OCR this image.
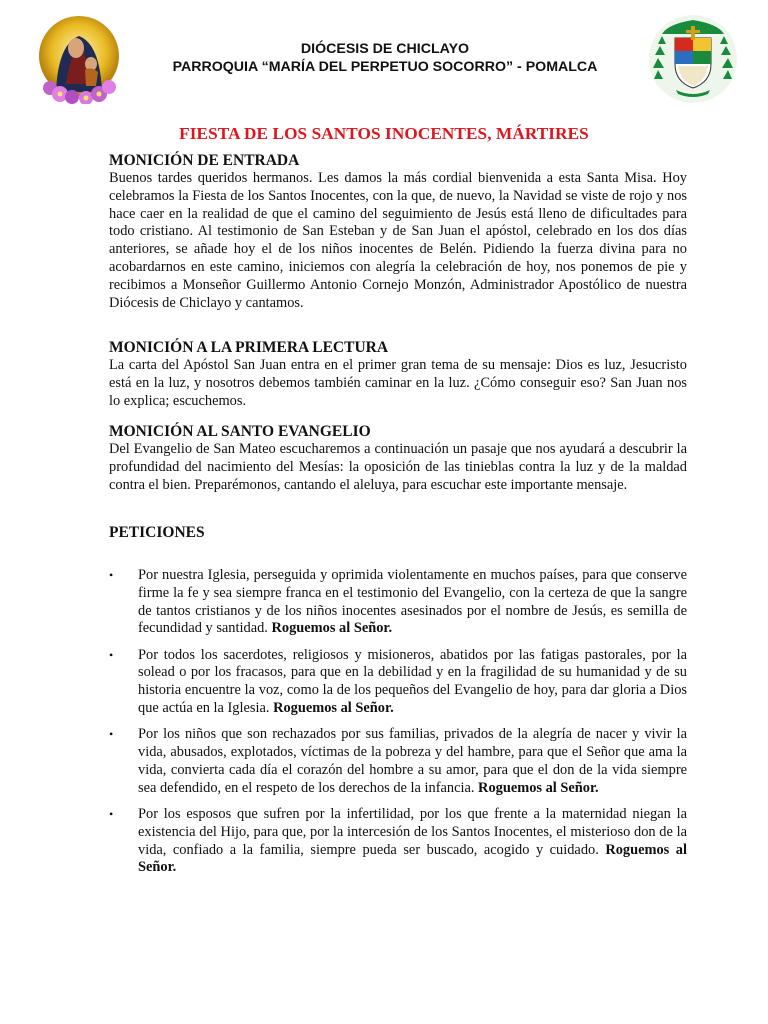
DIÓCESIS DE CHICLAYO
PARROQUIA “MARÍA DEL PERPETUO SOCORRO” - POMALCA
FIESTA DE LOS SANTOS INOCENTES, MÁRTIRES
MONICIÓN DE ENTRADA

Buenos tardes queridos hermanos. Les damos la más cordial bienvenida a esta Santa Misa. Hoy celebramos la Fiesta de los Santos Inocentes, con la que, de nuevo, la Navidad se viste de rojo y nos hace caer en la realidad de que el camino del seguimiento de Jesús está lleno de dificultades para todo cristiano. Al testimonio de San Esteban y de San Juan el apóstol, celebrado en los dos días anteriores, se añade hoy el de los niños inocentes de Belén. Pidiendo la fuerza divina para no acobardarnos en este camino, iniciemos con alegría la celebración de hoy, nos ponemos de pie y recibimos a Monseñor Guillermo Antonio Cornejo Monzón, Administrador Apostólico de nuestra Diócesis de Chiclayo y cantamos.

MONICIÓN A LA PRIMERA LECTURA

La carta del Apóstol San Juan entra en el primer gran tema de su mensaje: Dios es luz, Jesucristo está en la luz, y nosotros debemos también caminar en la luz. ¿Cómo conseguir eso? San Juan nos lo explica; escuchemos.

MONICIÓN AL SANTO EVANGELIO

Del Evangelio de San Mateo escucharemos a continuación un pasaje que nos ayudará a descubrir la profundidad del nacimiento del Mesías: la oposición de las tinieblas contra la luz y de la maldad contra el bien. Preparémonos, cantando el aleluya, para escuchar este importante mensaje.

PETICIONES
• Por nuestra Iglesia, perseguida y oprimida violentamente en muchos países, para que conserve firme la fe y sea siempre franca en el testimonio del Evangelio, con la certeza de que la sangre de tantos cristianos y de los niños inocentes asesinados por el nombre de Jesús, es semilla de fecundidad y santidad. Roguemos al Señor.

• Por todos los sacerdotes, religiosos y misioneros, abatidos por las fatigas pastorales, por la solead o por los fracasos, para que en la debilidad y en la fragilidad de su humanidad y de su historia encuentre la voz, como la de los pequeños del Evangelio de hoy, para dar gloria a Dios que actúa en la Iglesia. Roguemos al Señor.

• Por los niños que son rechazados por sus familias, privados de la alegría de nacer y vivir la vida, abusados, explotados, víctimas de la pobreza y del hambre, para que el Señor que ama la vida, convierta cada día el corazón del hombre a su amor, para que el don de la vida siempre sea defendido, en el respeto de los derechos de la infancia. Roguemos al Señor.

• Por los esposos que sufren por la infertilidad, por los que frente a la maternidad niegan la existencia del Hijo, para que, por la intercesión de los Santos Inocentes, el misterioso don de la vida, confiado a la familia, siempre pueda ser buscado, acogido y cuidado. Roguemos al Señor.
